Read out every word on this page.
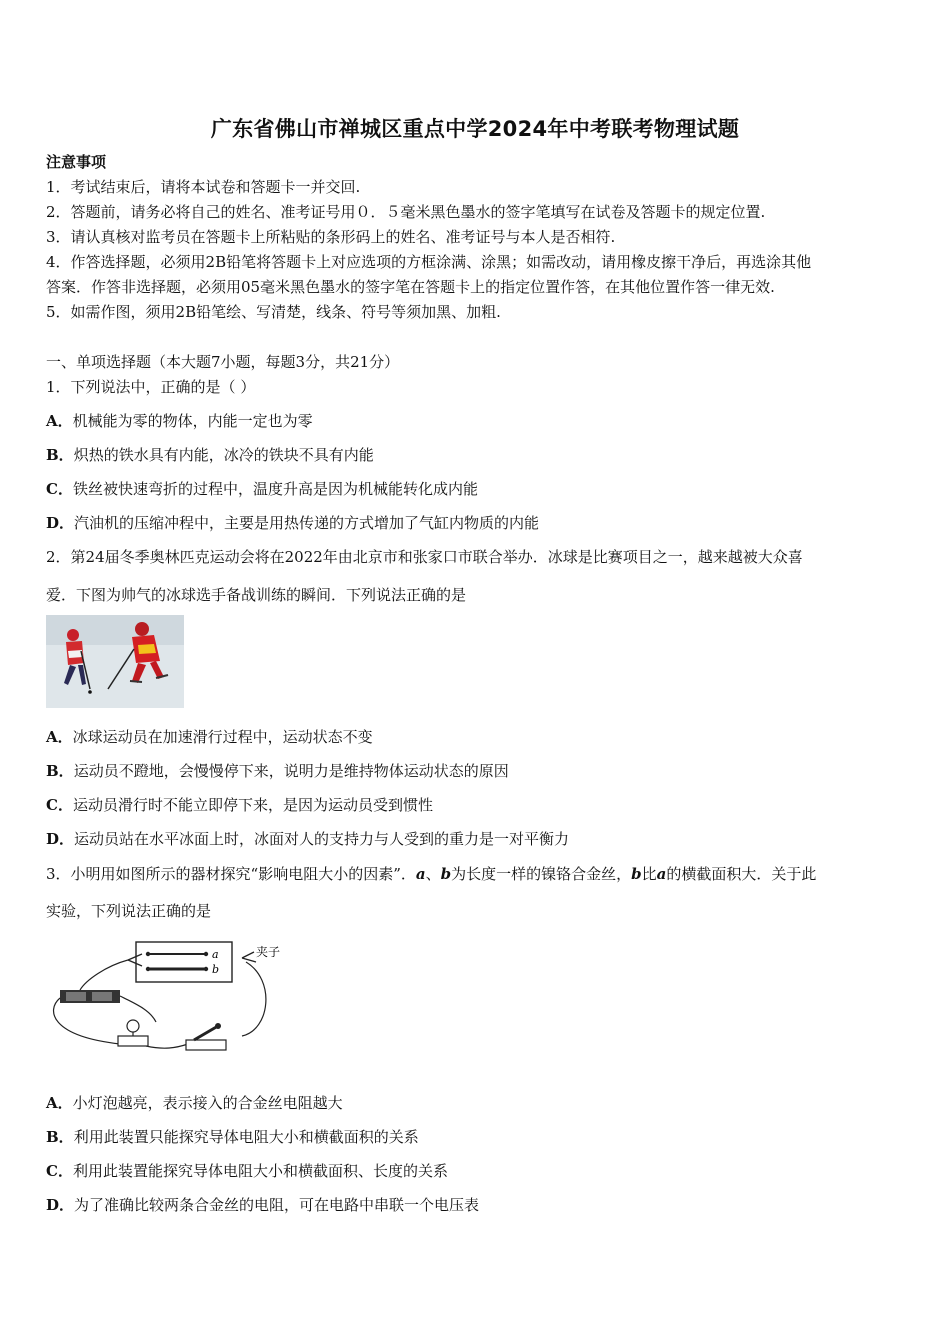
广东省佛山市禅城区重点中学2024年中考联考物理试题
注意事项
1．考试结束后，请将本试卷和答题卡一并交回.
2．答题前，请务必将自己的姓名、准考证号用０．５毫米黑色墨水的签字笔填写在试卷及答题卡的规定位置.
3．请认真核对监考员在答题卡上所粘贴的条形码上的姓名、准考证号与本人是否相符.
4．作答选择题，必须用2B铅笔将答题卡上对应选项的方框涂满、涂黑；如需改动，请用橡皮擦干净后，再选涂其他
答案．作答非选择题，必须用05毫米黑色墨水的签字笔在答题卡上的指定位置作答，在其他位置作答一律无效.
5．如需作图，须用2B铅笔绘、写清楚，线条、符号等须加黑、加粗.
一、单项选择题（本大题7小题，每题3分，共21分）
1．下列说法中，正确的是（ ）
A．机械能为零的物体，内能一定也为零
B．炽热的铁水具有内能，冰冷的铁块不具有内能
C．铁丝被快速弯折的过程中，温度升高是因为机械能转化成内能
D．汽油机的压缩冲程中，主要是用热传递的方式增加了气缸内物质的内能
2．第24届冬季奥林匹克运动会将在2022年由北京市和张家口市联合举办．冰球是比赛项目之一，越来越被大众喜
爱．下图为帅气的冰球选手备战训练的瞬间．下列说法正确的是
A．冰球运动员在加速滑行过程中，运动状态不变
B．运动员不蹬地，会慢慢停下来，说明力是维持物体运动状态的原因
C．运动员滑行时不能立即停下来，是因为运动员受到惯性
D．运动员站在水平冰面上时，冰面对人的支持力与人受到的重力是一对平衡力
3．小明用如图所示的器材探究“影响电阻大小的因素”．a、b为长度一样的镍铬合金丝，b比a的横截面积大．关于此
实验，下列说法正确的是
a
b
夹子
A．小灯泡越亮，表示接入的合金丝电阻越大
B．利用此装置只能探究导体电阻大小和横截面积的关系
C．利用此装置能探究导体电阻大小和横截面积、长度的关系
D．为了准确比较两条合金丝的电阻，可在电路中串联一个电压表
